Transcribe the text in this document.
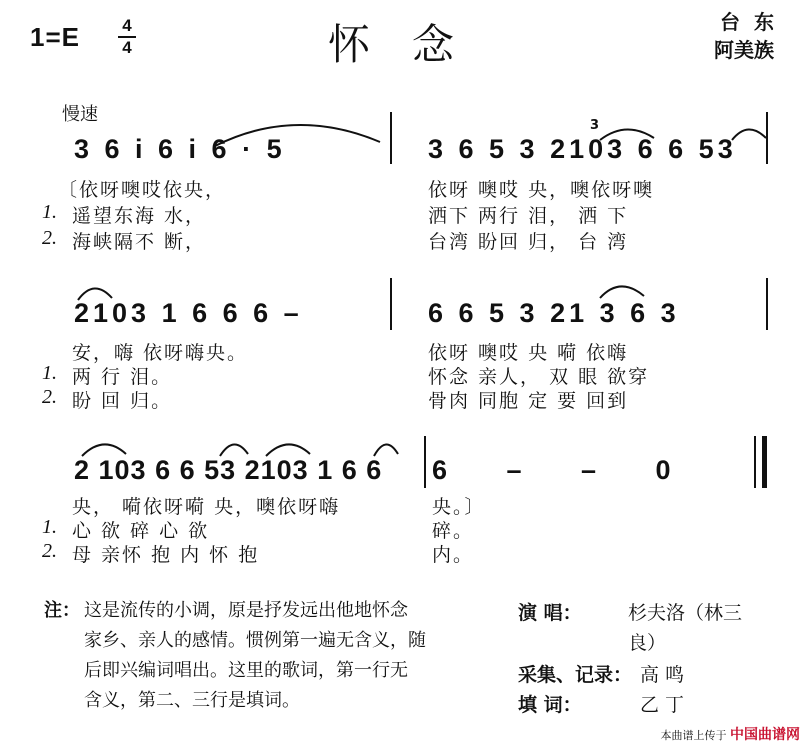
1=E 4
4	怀念	台东
阿美族
慢速
3 6 i 6 i 6 · 5
3
3 6 5 3 2103 6 6 53
〔依呀噢哎依央，	依呀 噢哎 央，噢依呀噢
1. 遥望东海 水，	洒下 两行 泪， 洒 下
2. 海峡隔不 断，	台湾 盼回 归， 台 湾
2103 1 6 6 6 –	6 6 5 3 21 3 6 3
安，嗨 依呀嗨央。	依呀 噢哎 央 嗬 依嗨
1. 两 行 泪。	怀念 亲人， 双 眼 欲穿
2. 盼 回 归。	骨肉 同胞 定 要 回到
2 103 6 6 53 2103 1 6 6 6 – – 0
央， 嗬依呀嗬 央，噢依呀嗨	央。〕
1. 心 欲 碎 心 欲	碎。
2. 母 亲怀 抱 内 怀 抱	内。
注： 这是流传的小调，原是抒发远出他地怀念
家乡、亲人的感情。惯例第一遍无含义，随
后即兴编词唱出。这里的歌词，第一行无
含义，第二、三行是填词。
演 唱： 杉夫洛（林三
良）
采集、记录： 高 鸣
填 词：	乙 丁
本曲谱上传于 中国曲谱网
